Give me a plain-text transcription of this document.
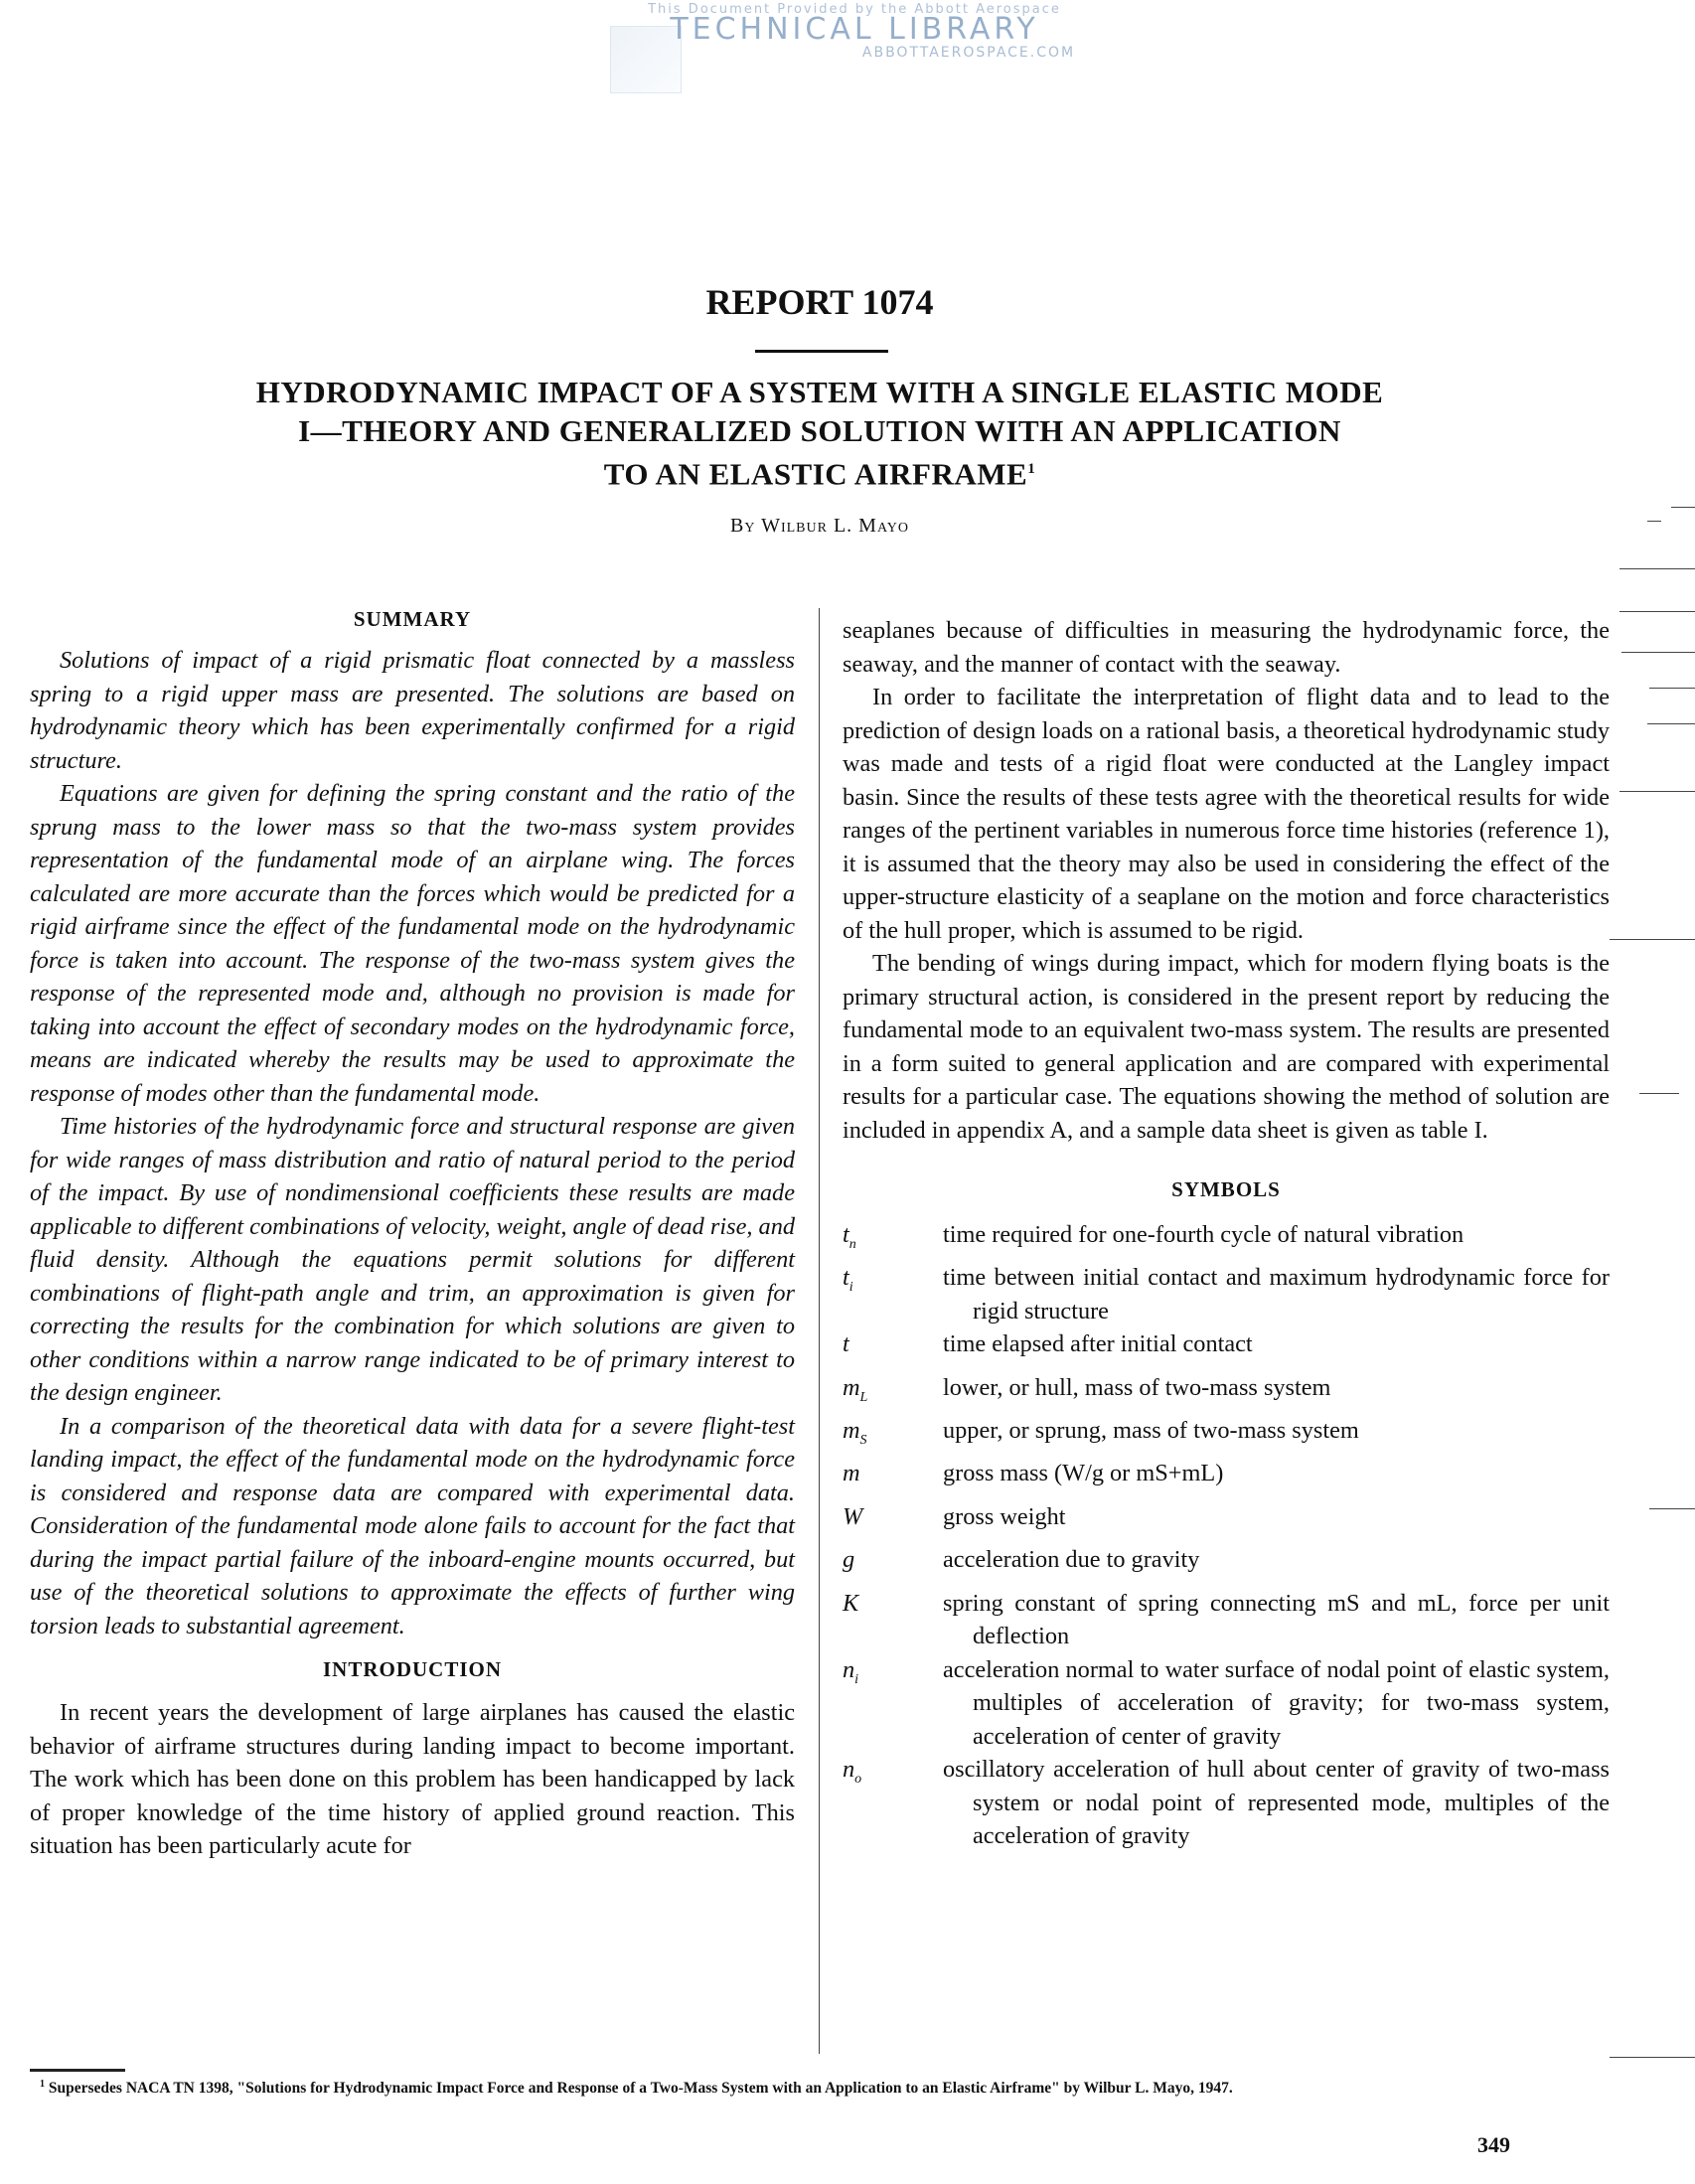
This Document Provided by the Abbott Aerospace
TECHNICAL LIBRARY
ABBOTTAEROSPACE.COM
REPORT 1074
HYDRODYNAMIC IMPACT OF A SYSTEM WITH A SINGLE ELASTIC MODE
I—THEORY AND GENERALIZED SOLUTION WITH AN APPLICATION
TO AN ELASTIC AIRFRAME$^1$
By Wilbur L. Mayo
SUMMARY

Solutions of impact of a rigid prismatic float connected by a massless spring to a rigid upper mass are presented. The solutions are based on hydrodynamic theory which has been experimentally confirmed for a rigid structure.

Equations are given for defining the spring constant and the ratio of the sprung mass to the lower mass so that the two-mass system provides representation of the fundamental mode of an airplane wing. The forces calculated are more accurate than the forces which would be predicted for a rigid airframe since the effect of the fundamental mode on the hydrodynamic force is taken into account. The response of the two-mass system gives the response of the represented mode and, although no provision is made for taking into account the effect of secondary modes on the hydrodynamic force, means are indicated whereby the results may be used to approximate the response of modes other than the fundamental mode.

Time histories of the hydrodynamic force and structural response are given for wide ranges of mass distribution and ratio of natural period to the period of the impact. By use of nondimensional coefficients these results are made applicable to different combinations of velocity, weight, angle of dead rise, and fluid density. Although the equations permit solutions for different combinations of flight-path angle and trim, an approximation is given for correcting the results for the combination for which solutions are given to other conditions within a narrow range indicated to be of primary interest to the design engineer.

In a comparison of the theoretical data with data for a severe flight-test landing impact, the effect of the fundamental mode on the hydrodynamic force is considered and response data are compared with experimental data. Consideration of the fundamental mode alone fails to account for the fact that during the impact partial failure of the inboard-engine mounts occurred, but use of the theoretical solutions to approximate the effects of further wing torsion leads to substantial agreement.

INTRODUCTION

In recent years the development of large airplanes has caused the elastic behavior of airframe structures during landing impact to become important. The work which has been done on this problem has been handicapped by lack of proper knowledge of the time history of applied ground reaction. This situation has been particularly acute for

seaplanes because of difficulties in measuring the hydrodynamic force, the seaway, and the manner of contact with the seaway.

In order to facilitate the interpretation of flight data and to lead to the prediction of design loads on a rational basis, a theoretical hydrodynamic study was made and tests of a rigid float were conducted at the Langley impact basin. Since the results of these tests agree with the theoretical results for wide ranges of the pertinent variables in numerous force time histories (reference 1), it is assumed that the theory may also be used in considering the effect of the upper-structure elasticity of a seaplane on the motion and force characteristics of the hull proper, which is assumed to be rigid.

The bending of wings during impact, which for modern flying boats is the primary structural action, is considered in the present report by reducing the fundamental mode to an equivalent two-mass system. The results are presented in a form suited to general application and are compared with experimental results for a particular case. The equations showing the method of solution are included in appendix A, and a sample data sheet is given as table I.

SYMBOLS
$t_n$	time required for one-fourth cycle of natural vibration
$t_i$	time between initial contact and maximum hydrodynamic force for rigid structure
t	time elapsed after initial contact
$m_L$	lower, or hull, mass of two-mass system
$m_S$	upper, or sprung, mass of two-mass system
m	gross mass (W/g or mS+mL)
W	gross weight
g	acceleration due to gravity
K	spring constant of spring connecting mS and mL, force per unit deflection
$n_i$	acceleration normal to water surface of nodal point of elastic system, multiples of acceleration of gravity; for two-mass system, acceleration of center of gravity
$n_o$	oscillatory acceleration of hull about center of gravity of two-mass system or nodal point of represented mode, multiples of the acceleration of gravity
$^1$ Supersedes NACA TN 1398, "Solutions for Hydrodynamic Impact Force and Response of a Two-Mass System with an Application to an Elastic Airframe" by Wilbur L. Mayo, 1947.
349
